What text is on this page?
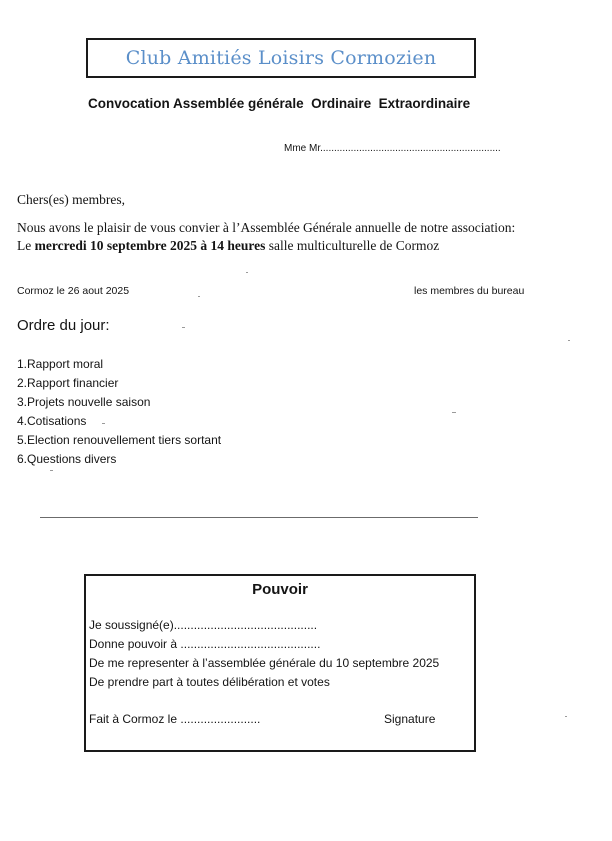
Club Amitiés Loisirs Cormozien
Convocation Assemblée générale  Ordinaire  Extraordinaire
Mme Mr.................................................................
Chers(es) membres,
Nous avons le plaisir de vous convier à l’Assemblée Générale annuelle de notre association:
Le mercredi 10 septembre 2025 à 14 heures salle multiculturelle de Cormoz
Cormoz le 26 aout 2025	les membres du bureau
Ordre du jour:
1.Rapport moral
2.Rapport financier
3.Projets nouvelle saison
4.Cotisations
5.Election renouvellement tiers sortant
6.Questions divers
Pouvoir
Je soussigné(e)...........................................
Donne pouvoir à ..........................................
De me representer à l’assemblée générale du 10 septembre 2025
De prendre part à toutes délibération et votes
Fait à Cormoz le ........................	Signature
